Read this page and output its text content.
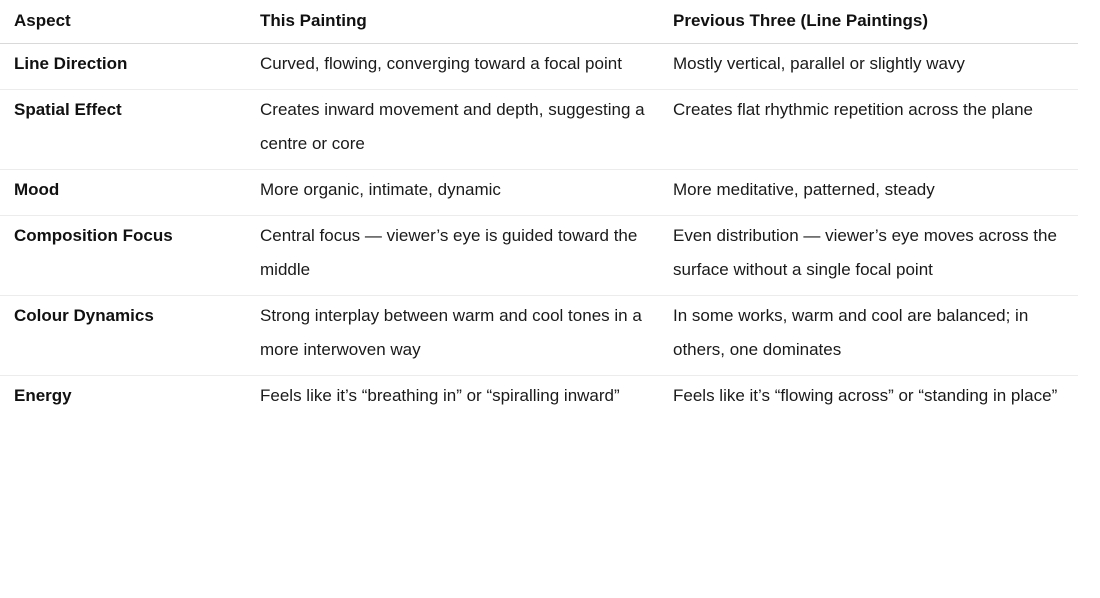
Aspect	This Painting	Previous Three (Line Paintings)
Line Direction	Curved, flowing, converging toward a focal point	Mostly vertical, parallel or slightly wavy
Spatial Effect	Creates inward movement and depth, suggesting a centre or core	Creates flat rhythmic repetition across the plane
Mood	More organic, intimate, dynamic	More meditative, patterned, steady
Composition Focus	Central focus — viewer’s eye is guided toward the middle	Even distribution — viewer’s eye moves across the surface without a single focal point
Colour Dynamics	Strong interplay between warm and cool tones in a more interwoven way	In some works, warm and cool are balanced; in others, one dominates
Energy	Feels like it’s “breathing in” or “spiralling inward”	Feels like it’s “flowing across” or “standing in place”
